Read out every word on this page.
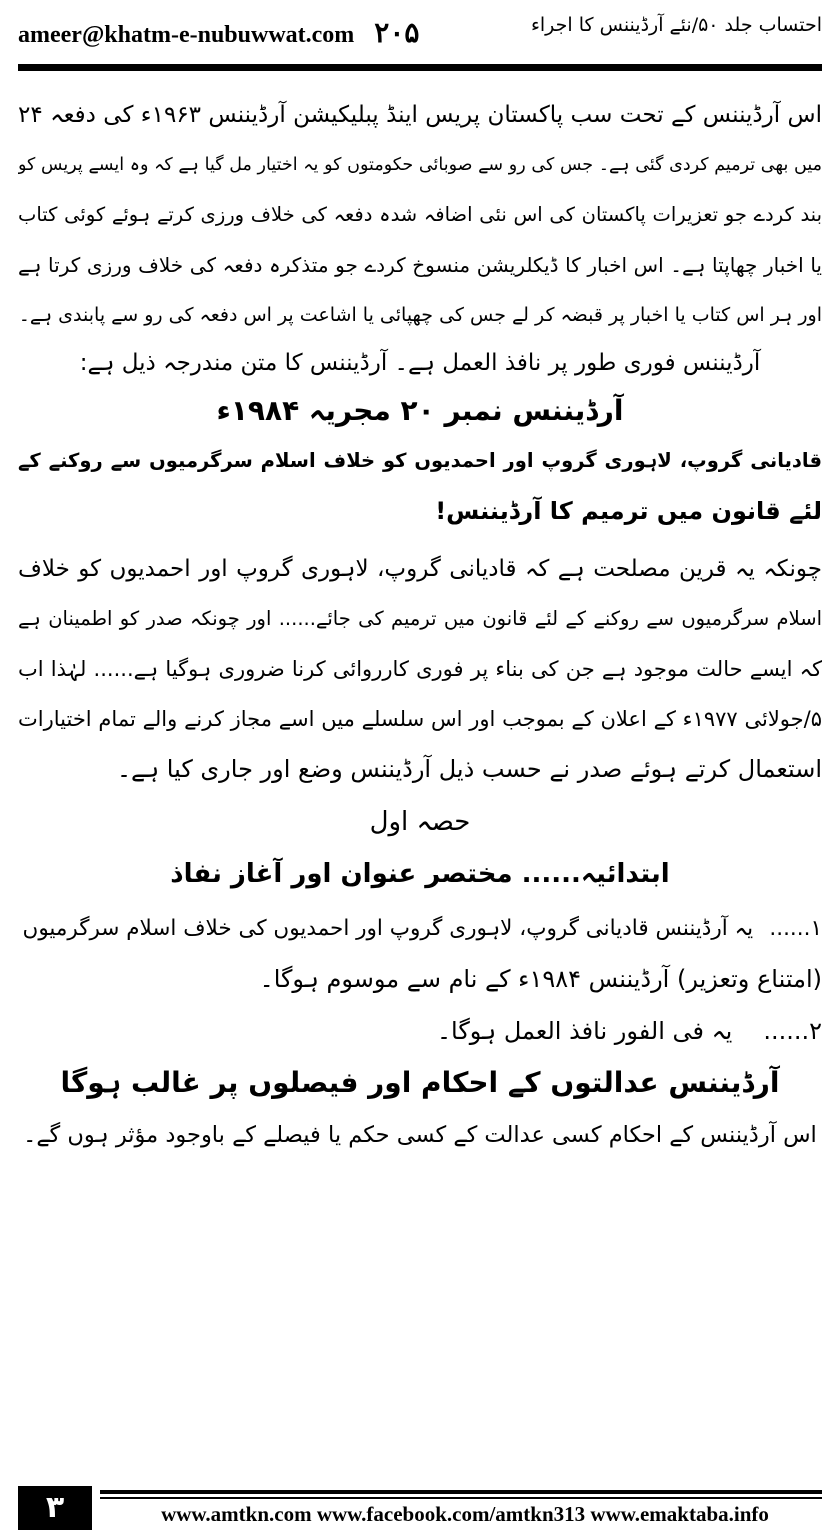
ameer@khatm-e-nubuwwat.com ۲۰۵	احتساب جلد ۵۰/نئے آرڈیننس کا اجراء
اس آرڈیننس کے تحت سب پاکستان پریس اینڈ پبلیکیشن آرڈیننس ۱۹۶۳ء کی دفعہ ۲۴
میں بھی ترمیم کردی گئی ہے۔ جس کی رو سے صوبائی حکومتوں کو یہ اختیار مل گیا ہے کہ وہ ایسے پریس کو
بند کردے جو تعزیرات پاکستان کی اس نئی اضافہ شدہ دفعہ کی خلاف ورزی کرتے ہوئے کوئی کتاب
یا اخبار چھاپتا ہے۔ اس اخبار کا ڈیکلریشن منسوخ کردے جو متذکرہ دفعہ کی خلاف ورزی کرتا ہے
اور ہر اس کتاب یا اخبار پر قبضہ کر لے جس کی چھپائی یا اشاعت پر اس دفعہ کی رو سے پابندی ہے۔
آرڈیننس فوری طور پر نافذ العمل ہے۔ آرڈیننس کا متن مندرجہ ذیل ہے:
آرڈیننس نمبر ۲۰ مجریہ ۱۹۸۴ء
قادیانی گروپ، لاہوری گروپ اور احمدیوں کو خلاف اسلام سرگرمیوں سے روکنے کے
لئے قانون میں ترمیم کا آرڈیننس!
چونکہ یہ قرین مصلحت ہے کہ قادیانی گروپ، لاہوری گروپ اور احمدیوں کو خلاف
اسلام سرگرمیوں سے روکنے کے لئے قانون میں ترمیم کی جائے...... اور چونکہ صدر کو اطمینان ہے
کہ ایسے حالت موجود ہے جن کی بناء پر فوری کارروائی کرنا ضروری ہوگیا ہے...... لہٰذا اب
۵/جولائی ۱۹۷۷ء کے اعلان کے بموجب اور اس سلسلے میں اسے مجاز کرنے والے تمام اختیارات
استعمال کرتے ہوئے صدر نے حسب ذیل آرڈیننس وضع اور جاری کیا ہے۔
حصہ اول
ابتدائیہ...... مختصر عنوان اور آغاز نفاذ
۱...... یہ آرڈیننس قادیانی گروپ، لاہوری گروپ اور احمدیوں کی خلاف اسلام سرگرمیوں
(امتناع وتعزیر) آرڈیننس ۱۹۸۴ء کے نام سے موسوم ہوگا۔
۲...... یہ فی الفور نافذ العمل ہوگا۔
آرڈیننس عدالتوں کے احکام اور فیصلوں پر غالب ہوگا
اس آرڈیننس کے احکام کسی عدالت کے کسی حکم یا فیصلے کے باوجود مؤثر ہوں گے۔
۳	www.amtkn.com www.facebook.com/amtkn313 www.emaktaba.info
